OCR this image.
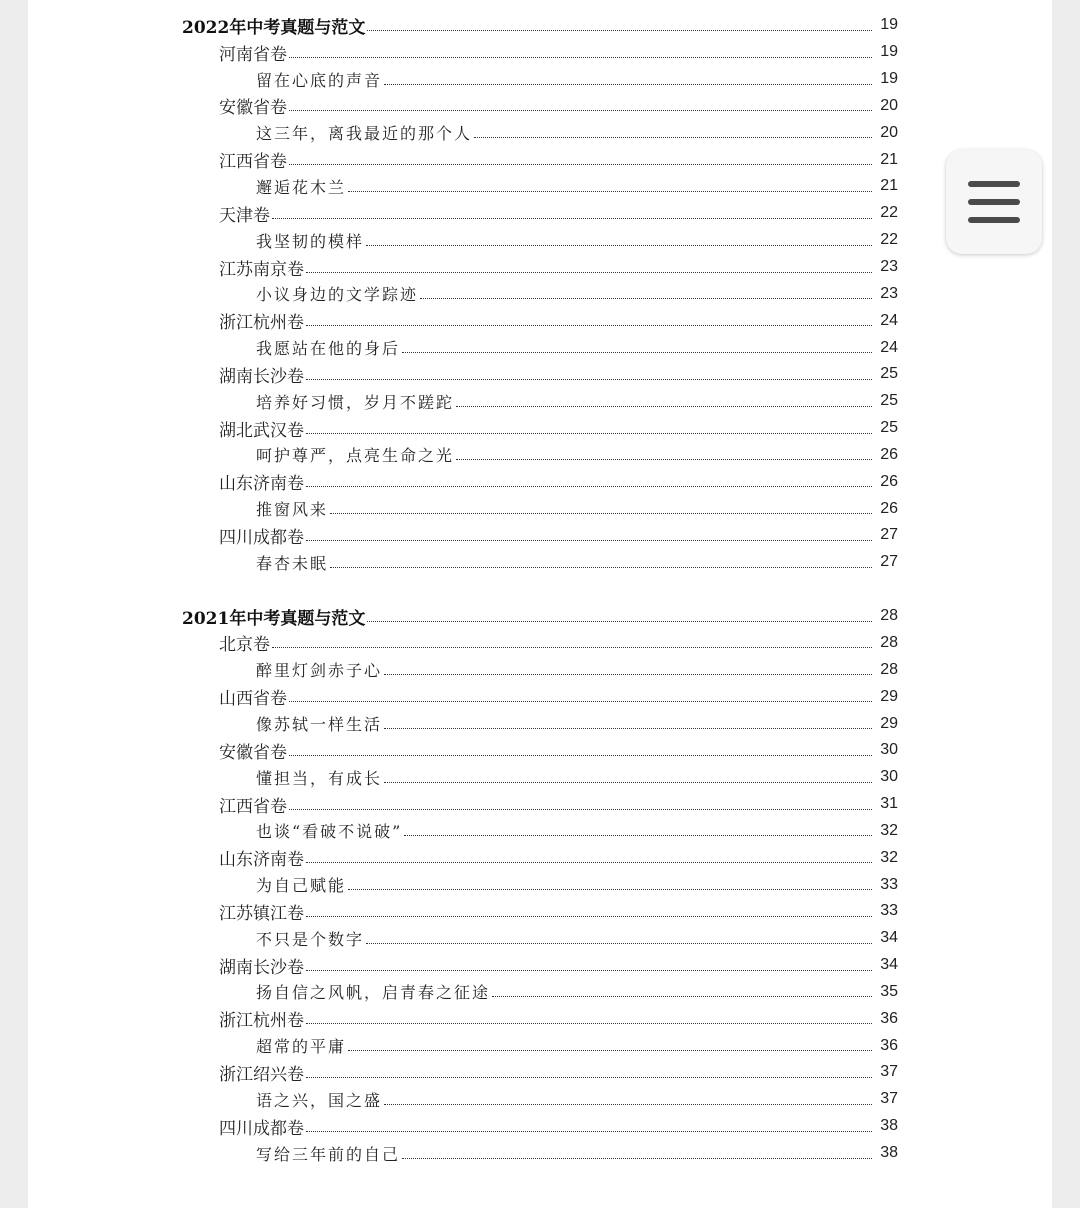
2022年中考真题与范文	19
河南省卷	19
留在心底的声音	19
安徽省卷	20
这三年，离我最近的那个人	20
江西省卷	21
邂逅花木兰	21
天津卷	22
我坚韧的模样	22
江苏南京卷	23
小议身边的文学踪迹	23
浙江杭州卷	24
我愿站在他的身后	24
湖南长沙卷	25
培养好习惯，岁月不蹉跎	25
湖北武汉卷	25
呵护尊严，点亮生命之光	26
山东济南卷	26
推窗风来	26
四川成都卷	27
春杏未眠	27
2021年中考真题与范文	28
北京卷	28
醉里灯剑赤子心	28
山西省卷	29
像苏轼一样生活	29
安徽省卷	30
懂担当，有成长	30
江西省卷	31
也谈“看破不说破”	32
山东济南卷	32
为自己赋能	33
江苏镇江卷	33
不只是个数字	34
湖南长沙卷	34
扬自信之风帆，启青春之征途	35
浙江杭州卷	36
超常的平庸	36
浙江绍兴卷	37
语之兴，国之盛	37
四川成都卷	38
写给三年前的自己	38
